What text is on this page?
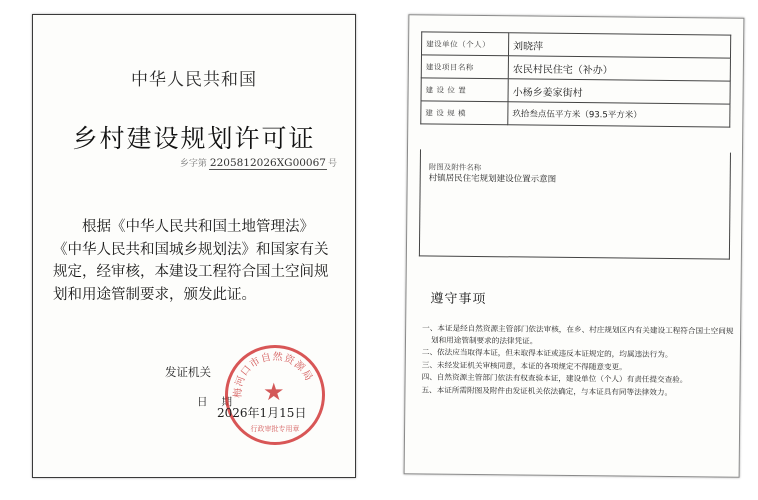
中华人民共和国
乡村建设规划许可证
乡字第 2205812026XG00067 号
根据《中华人民共和国土地管理法》《中华人民共和国城乡规划法》和国家有关规定，经审核，本建设工程符合国土空间规划和用途管制要求，颁发此证。
发证机关
日期
梅河口市自然资源局
★
行政审批专用章
2026年1月15日
建设单位（个人）	刘晓萍
建设项目名称	农民村民住宅（补办）
建 设 位 置	小杨乡姜家街村
建 设 规 模	玖拾叁点伍平方米（93.5平方米）
附图及附件名称
村镇居民住宅规划建设位置示意图
遵守事项
一、本证是经自然资源主管部门依法审核，在乡、村庄规划区内有关建设工程符合国土空间规划和用途管制要求的法律凭证。
二、依法应当取得本证，但未取得本证或违反本证规定的，均属违法行为。
三、未经发证机关审核同意，本证的各项规定不得随意变更。
四、自然资源主管部门依法有权查验本证，建设单位（个人）有责任提交查验。
五、本证所需附图及附件由发证机关依法确定，与本证具有同等法律效力。
